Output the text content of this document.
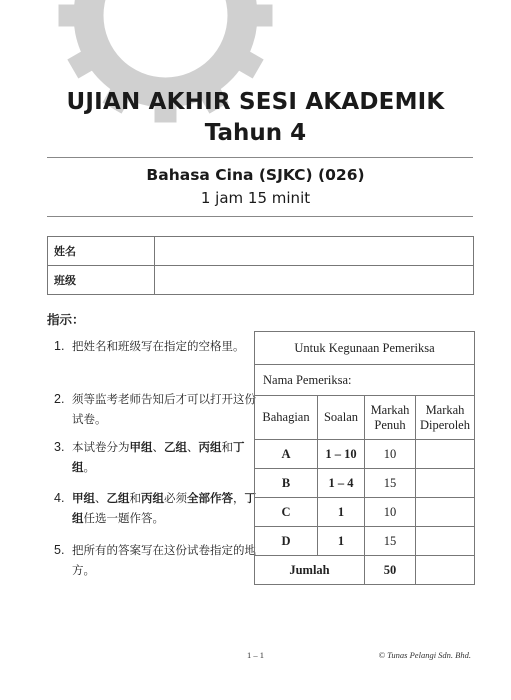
UJIAN AKHIR SESI AKADEMIK
Tahun 4
Bahasa Cina (SJKC) (026)
1 jam 15 minit
姓名	
班级	
指示：
1. 把姓名和班级写在指定的空格里。
2. 须等监考老师告知后才可以打开这份试卷。
3. 本试卷分为甲组、乙组、丙组和丁组。
4. 甲组、乙组和丙组必须全部作答，丁组任选一题作答。
5. 把所有的答案写在这份试卷指定的地方。
Untuk Kegunaan Pemeriksa			
Nama Pemeriksa:			
Bahagian	Soalan	Markah Penuh	Markah Diperoleh
A	1 – 10	10	
B	1 – 4	15	
C	1	10	
D	1	15	
Jumlah		50	
1 – 1	© Tunas Pelangi Sdn. Bhd.
